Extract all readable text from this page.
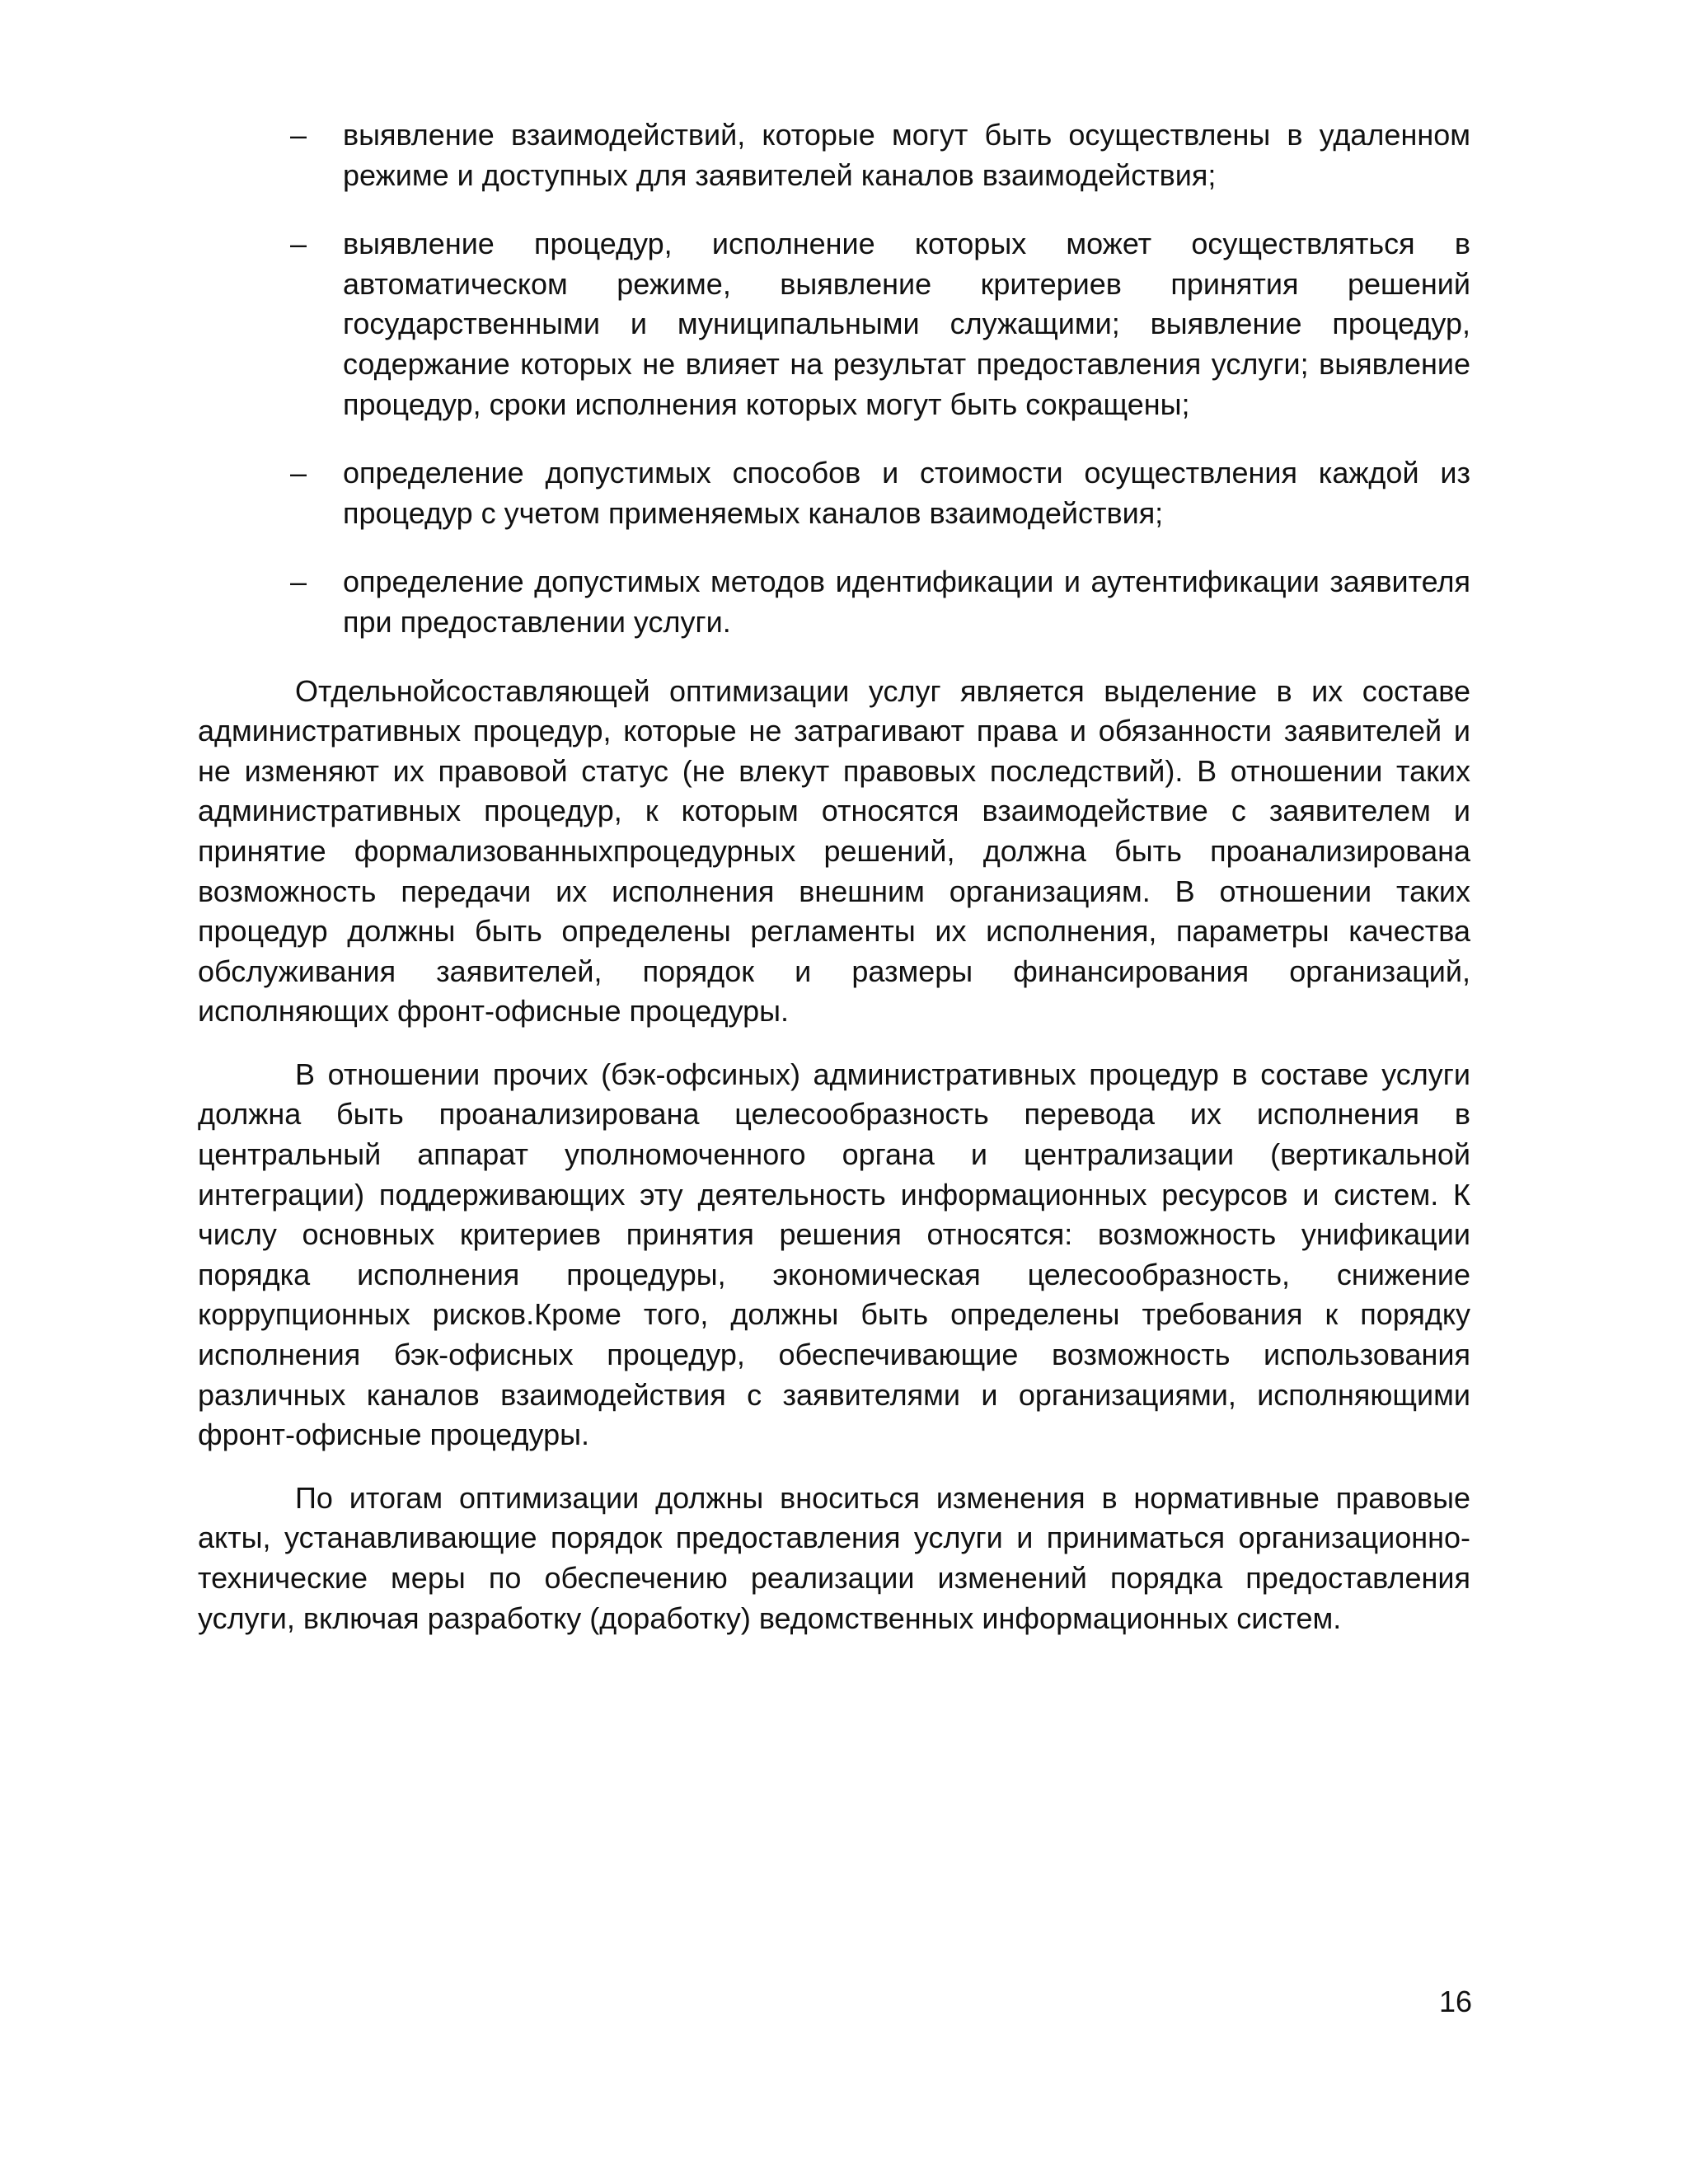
–	выявление взаимодействий, которые могут быть осуществлены в удаленном режиме и доступных для заявителей каналов взаимодействия;
–	выявление процедур, исполнение которых может осуществляться в автоматическом режиме, выявление критериев принятия решений государственными и муниципальными служащими; выявление процедур, содержание которых не влияет на результат предоставления услуги; выявление процедур, сроки исполнения которых могут быть сокращены;
–	определение допустимых способов и стоимости осуществления каждой из процедур с учетом применяемых каналов взаимодействия;
–	определение допустимых методов идентификации и аутентификации заявителя при предоставлении услуги.

Отдельнойсоставляющей оптимизации услуг является выделение в их составе административных процедур, которые не затрагивают права и обязанности заявителей и не изменяют их правовой статус (не влекут правовых последствий). В отношении таких административных процедур, к которым относятся взаимодействие с заявителем и принятие формализованныхпроцедурных решений, должна быть проанализирована возможность передачи их исполнения внешним организациям. В отношении таких процедур должны быть определены регламенты их исполнения, параметры качества обслуживания заявителей, порядок и размеры финансирования организаций, исполняющих фронт-офисные процедуры.

В отношении прочих (бэк-офсиных) административных процедур в составе услуги должна быть проанализирована целесообразность перевода их исполнения в центральный аппарат уполномоченного органа и централизации (вертикальной интеграции) поддерживающих эту деятельность информационных ресурсов и систем. К числу основных критериев принятия решения относятся: возможность унификации порядка исполнения процедуры, экономическая целесообразность, снижение коррупционных рисков.Кроме того, должны быть определены требования к порядку исполнения бэк-офисных процедур, обеспечивающие возможность использования различных каналов взаимодействия с заявителями и организациями, исполняющими фронт-офисные процедуры.

По итогам оптимизации должны вноситься изменения в нормативные правовые акты, устанавливающие порядок предоставления услуги и приниматься организационно-технические меры по обеспечению реализации изменений порядка предоставления услуги, включая разработку (доработку) ведомственных информационных систем.

16
